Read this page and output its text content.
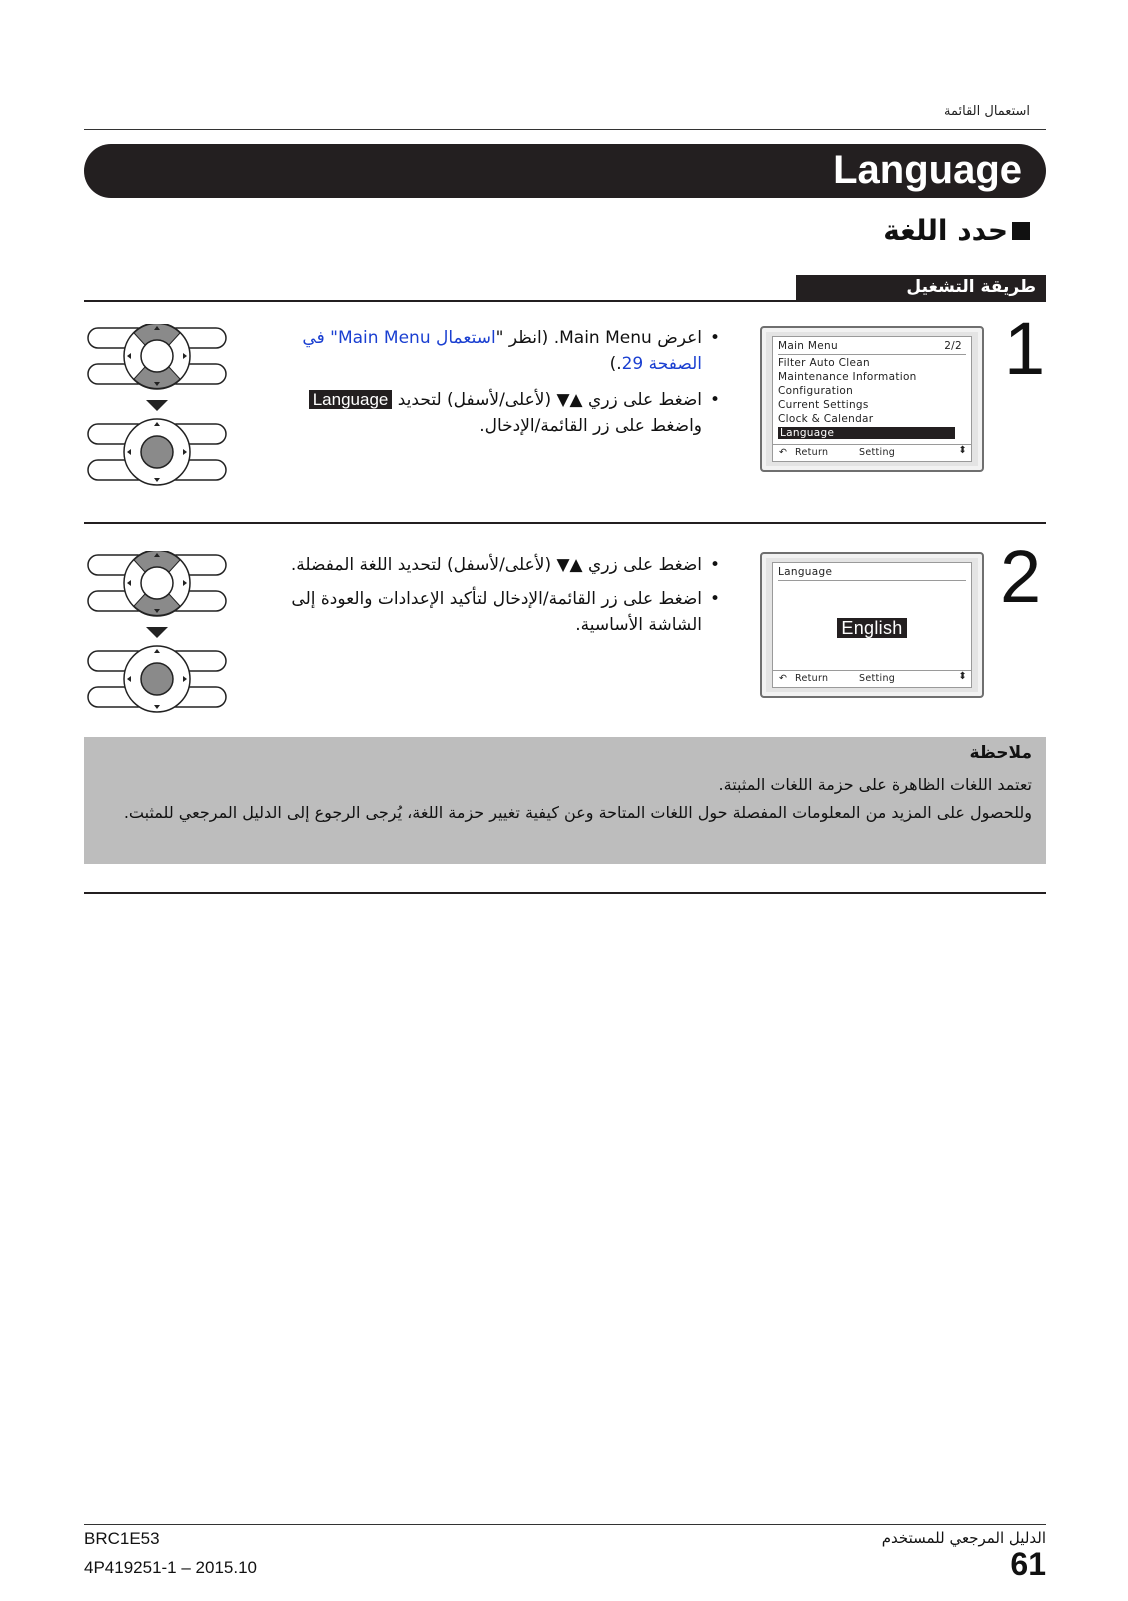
استعمال القائمة
Language
حدد اللغة
طريقة التشغيل
1
Main Menu	2/2
Filter Auto Clean
Maintenance Information
Configuration
Current Settings
Clock & Calendar
Language
↶ Return	Setting	⬍
• اعرض Main Menu. (انظر "استعمال Main Menu" في الصفحة 29.)
• اضغط على زري ▲▼ (لأعلى/لأسفل) لتحديد Language واضغط على زر القائمة/الإدخال.
2
Language
English
↶ Return	Setting	⬍
• اضغط على زري ▲▼ (لأعلى/لأسفل) لتحديد اللغة المفضلة.
• اضغط على زر القائمة/الإدخال لتأكيد الإعدادات والعودة إلى الشاشة الأساسية.
ملاحظة
تعتمد اللغات الظاهرة على حزمة اللغات المثبتة.
وللحصول على المزيد من المعلومات المفصلة حول اللغات المتاحة وعن كيفية تغيير حزمة اللغة، يُرجى الرجوع إلى الدليل المرجعي للمثبت.
BRC1E53
4P419251-1 – 2015.10
الدليل المرجعي للمستخدم
61
